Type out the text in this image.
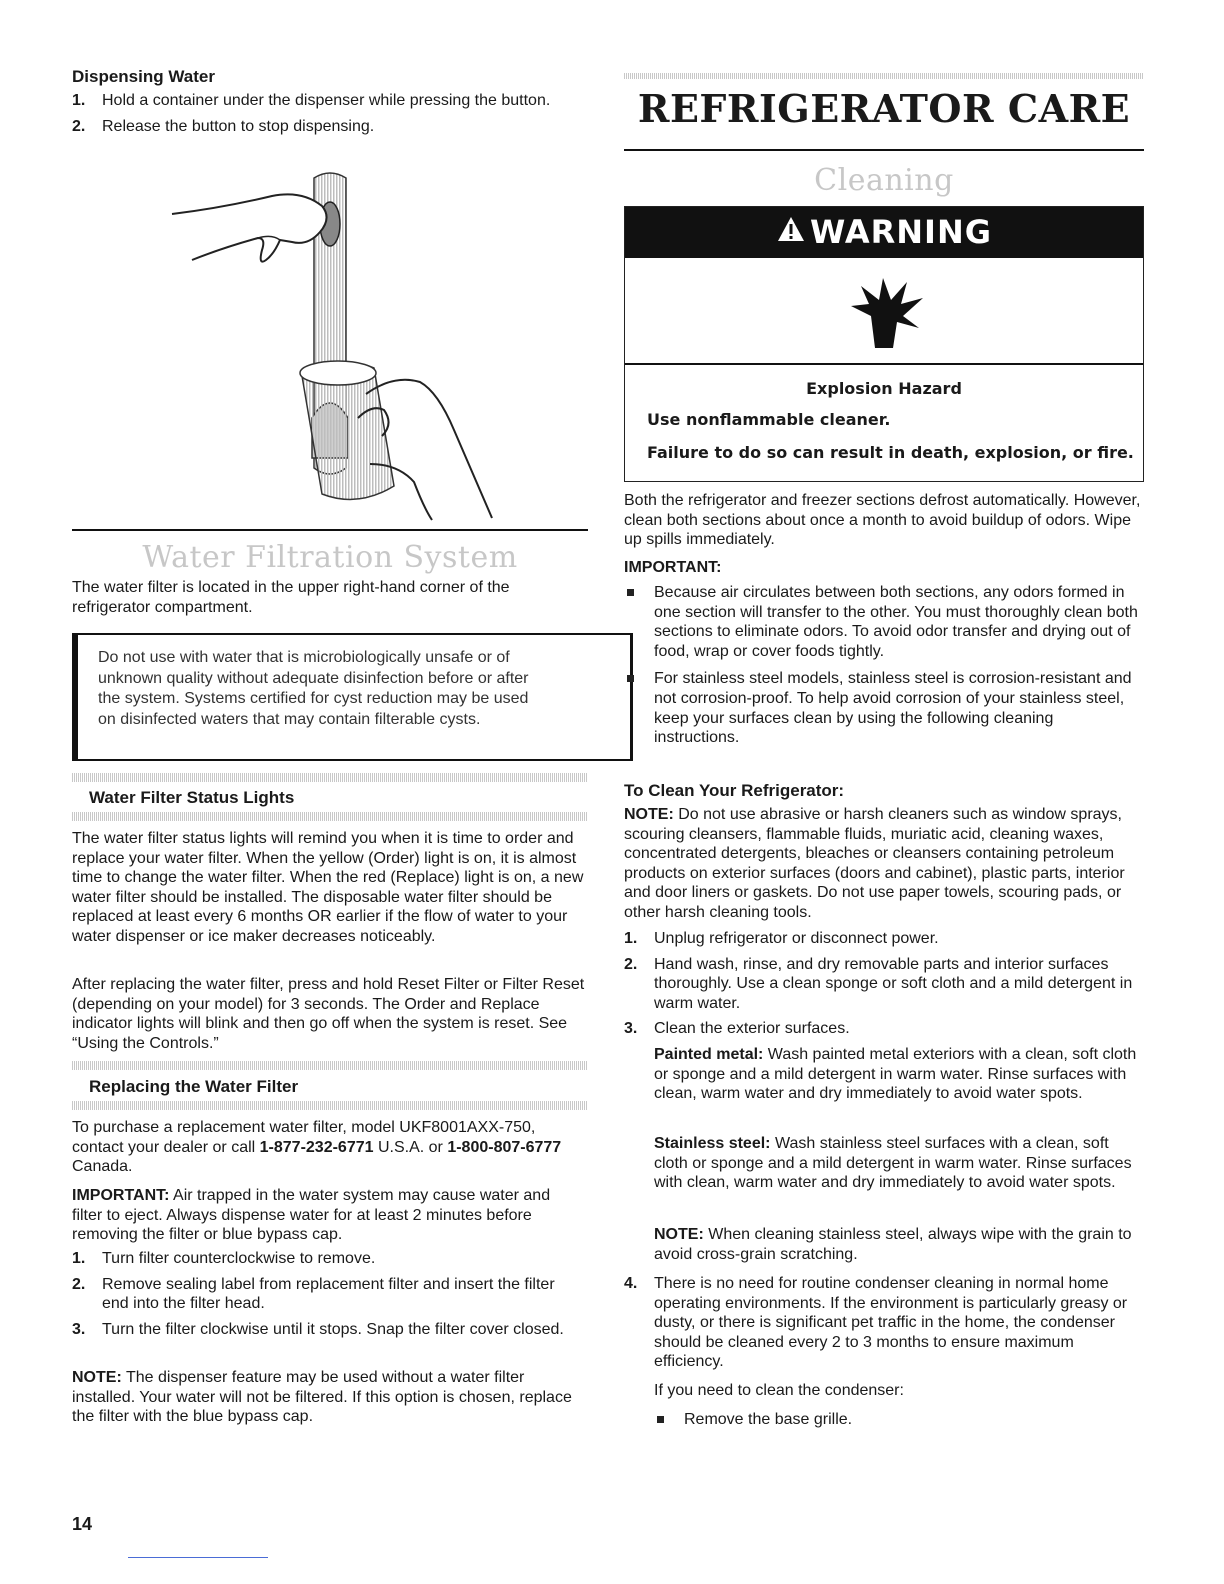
Dispensing Water
1. Hold a container under the dispenser while pressing the button.
2. Release the button to stop dispensing.
Water Filtration System

The water filter is located in the upper right-hand corner of the refrigerator compartment.

Do not use with water that is microbiologically unsafe or of unknown quality without adequate disinfection before or after the system. Systems certified for cyst reduction may be used on disinfected waters that may contain filterable cysts.

Water Filter Status Lights

The water filter status lights will remind you when it is time to order and replace your water filter. When the yellow (Order) light is on, it is almost time to change the water filter. When the red (Replace) light is on, a new water filter should be installed. The disposable water filter should be replaced at least every 6 months OR earlier if the flow of water to your water dispenser or ice maker decreases noticeably.

After replacing the water filter, press and hold Reset Filter or Filter Reset (depending on your model) for 3 seconds. The Order and Replace indicator lights will blink and then go off when the system is reset. See “Using the Controls.”

Replacing the Water Filter

To purchase a replacement water filter, model UKF8001AXX-750, contact your dealer or call 1-877-232-6771 U.S.A. or 1-800-807-6777 Canada.

IMPORTANT: Air trapped in the water system may cause water and filter to eject. Always dispense water for at least 2 minutes before removing the filter or blue bypass cap.

1. Turn filter counterclockwise to remove.
2. Remove sealing label from replacement filter and insert the filter end into the filter head.
3. Turn the filter clockwise until it stops. Snap the filter cover closed.

NOTE: The dispenser feature may be used without a water filter installed. Your water will not be filtered. If this option is chosen, replace the filter with the blue bypass cap.

REFRIGERATOR CARE
Cleaning
WARNING
Explosion Hazard
Use nonflammable cleaner.
Failure to do so can result in death, explosion, or fire.

Both the refrigerator and freezer sections defrost automatically. However, clean both sections about once a month to avoid buildup of odors. Wipe up spills immediately.

IMPORTANT:
Because air circulates between both sections, any odors formed in one section will transfer to the other. You must thoroughly clean both sections to eliminate odors. To avoid odor transfer and drying out of food, wrap or cover foods tightly.
For stainless steel models, stainless steel is corrosion-resistant and not corrosion-proof. To help avoid corrosion of your stainless steel, keep your surfaces clean by using the following cleaning instructions.
To Clean Your Refrigerator:

NOTE: Do not use abrasive or harsh cleaners such as window sprays, scouring cleansers, flammable fluids, muriatic acid, cleaning waxes, concentrated detergents, bleaches or cleansers containing petroleum products on exterior surfaces (doors and cabinet), plastic parts, interior and door liners or gaskets. Do not use paper towels, scouring pads, or other harsh cleaning tools.

1. Unplug refrigerator or disconnect power.
2. Hand wash, rinse, and dry removable parts and interior surfaces thoroughly. Use a clean sponge or soft cloth and a mild detergent in warm water.
3. Clean the exterior surfaces.

Painted metal: Wash painted metal exteriors with a clean, soft cloth or sponge and a mild detergent in warm water. Rinse surfaces with clean, warm water and dry immediately to avoid water spots.

Stainless steel: Wash stainless steel surfaces with a clean, soft cloth or sponge and a mild detergent in warm water. Rinse surfaces with clean, warm water and dry immediately to avoid water spots.

NOTE: When cleaning stainless steel, always wipe with the grain to avoid cross-grain scratching.

4. There is no need for routine condenser cleaning in normal home operating environments. If the environment is particularly greasy or dusty, or there is significant pet traffic in the home, the condenser should be cleaned every 2 to 3 months to ensure maximum efficiency.

If you need to clean the condenser:

Remove the base grille.
14
